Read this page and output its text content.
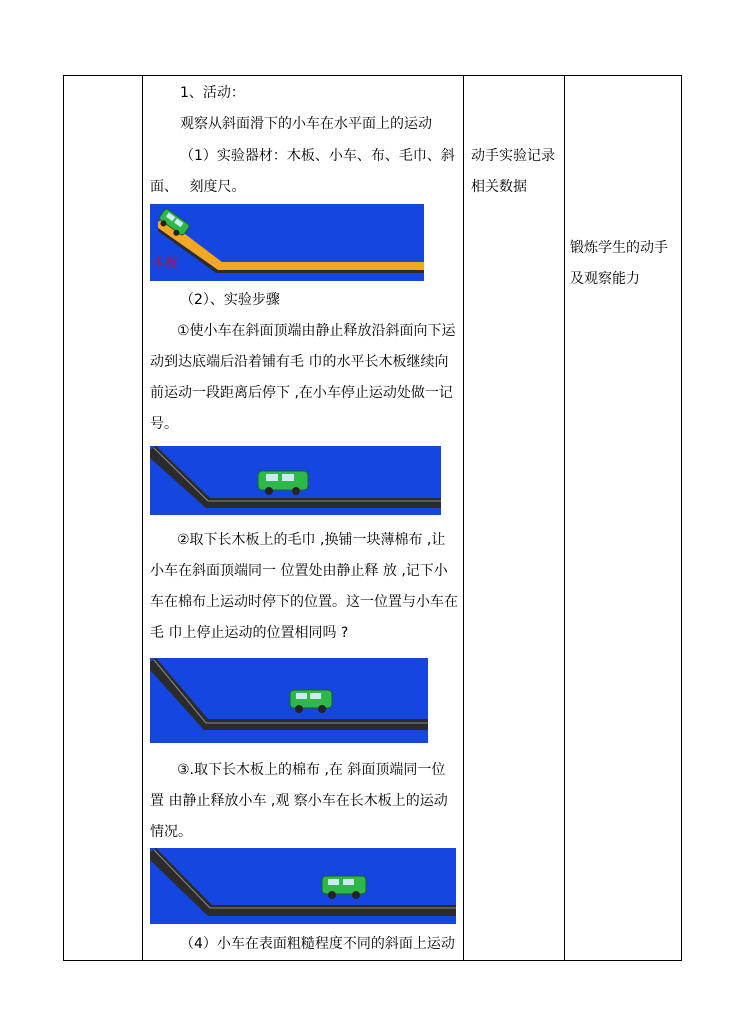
1、活动：
观察从斜面滑下的小车在水平面上的运动
（1）实验器材：木板、小车、布、毛巾、斜
面、　 刻度尺。
木板
（2）、实验步骤
①使小车在斜面顶端由静止释放沿斜面向下运
动到达底端后沿着铺有毛 巾的水平长木板继续向
前运动一段距离后停下 ,在小车停止运动处做一记
号。
②取下长木板上的毛巾 ,换铺一块薄棉布 ,让
小车在斜面顶端同一 位置处由静止释 放 ,记下小
车在棉布上运动时停下的位置。这一位置与小车在
毛 巾上停止运动的位置相同吗 ?
③.取下长木板上的棉布 ,在 斜面顶端同一位
置 由静止释放小车 ,观 察小车在长木板上的运动
情况。
（4）小车在表面粗糙程度不同的斜面上运动
动手实验记录
相关数据
锻炼学生的动手
及观察能力
